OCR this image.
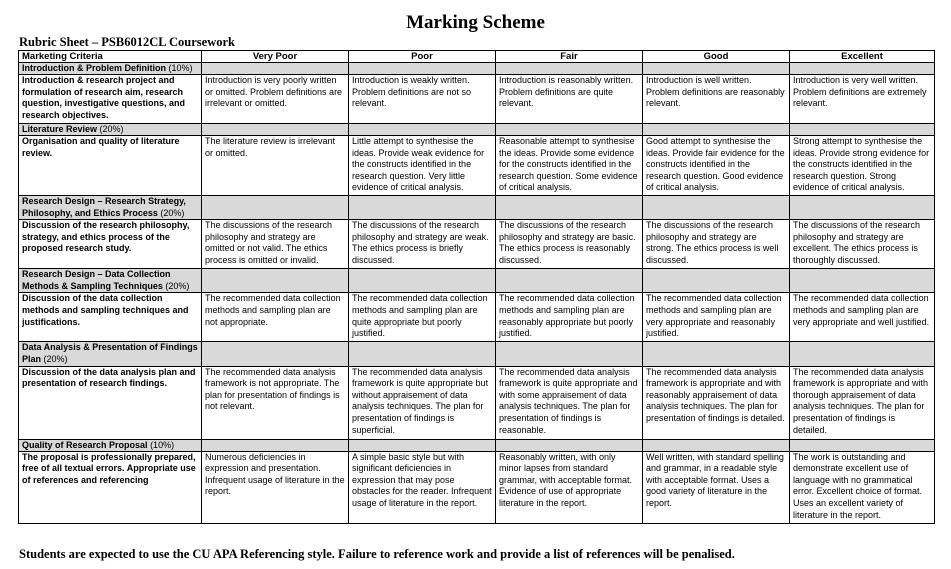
Marking Scheme
Rubric Sheet – PSB6012CL Coursework
Marketing Criteria	Very Poor	Poor	Fair	Good	Excellent
Introduction & Problem Definition (10%)					
Introduction & research project and formulation of research aim, research question, investigative questions, and research objectives.	Introduction is very poorly written or omitted. Problem definitions are irrelevant or omitted.	Introduction is weakly written. Problem definitions are not so relevant.	Introduction is reasonably written. Problem definitions are quite relevant.	Introduction is well written. Problem definitions are reasonably relevant.	Introduction is very well written. Problem definitions are extremely relevant.
Literature Review (20%)					
Organisation and quality of literature review.	The literature review is irrelevant or omitted.	Little attempt to synthesise the ideas. Provide weak evidence for the constructs identified in the research question. Very little evidence of critical analysis.	Reasonable attempt to synthesise the ideas. Provide some evidence for the constructs identified in the research question. Some evidence of critical analysis.	Good attempt to synthesise the ideas. Provide fair evidence for the constructs identified in the research question. Good evidence of critical analysis.	Strong attempt to synthesise the ideas. Provide strong evidence for the constructs identified in the research question. Strong evidence of critical analysis.
Research Design – Research Strategy, Philosophy, and Ethics Process (20%)					
Discussion of the research philosophy, strategy, and ethics process of the proposed research study.	The discussions of the research philosophy and strategy are omitted or not valid. The ethics process is omitted or invalid.	The discussions of the research philosophy and strategy are weak. The ethics process is briefly discussed.	The discussions of the research philosophy and strategy are basic. The ethics process is reasonably discussed.	The discussions of the research philosophy and strategy are strong. The ethics process is well discussed.	The discussions of the research philosophy and strategy are excellent. The ethics process is thoroughly discussed.
Research Design – Data Collection Methods & Sampling Techniques (20%)					
Discussion of the data collection methods and sampling techniques and justifications.	The recommended data collection methods and sampling plan are not appropriate.	The recommended data collection methods and sampling plan are quite appropriate but poorly justified.	The recommended data collection methods and sampling plan are reasonably appropriate but poorly justified.	The recommended data collection methods and sampling plan are very appropriate and reasonably justified.	The recommended data collection methods and sampling plan are very appropriate and well justified.
Data Analysis & Presentation of Findings Plan (20%)					
Discussion of the data analysis plan and presentation of research findings.	The recommended data analysis framework is not appropriate. The plan for presentation of findings is not relevant.	The recommended data analysis framework is quite appropriate but without appraisement of data analysis techniques. The plan for presentation of findings is superficial.	The recommended data analysis framework is quite appropriate and with some appraisement of data analysis techniques. The plan for presentation of findings is reasonable.	The recommended data analysis framework is appropriate and with reasonably appraisement of data analysis techniques. The plan for presentation of findings is detailed.	The recommended data analysis framework is appropriate and with thorough appraisement of data analysis techniques. The plan for presentation of findings is detailed.
Quality of Research Proposal (10%)					
The proposal is professionally prepared, free of all textual errors. Appropriate use of references and referencing	Numerous deficiencies in expression and presentation. Infrequent usage of literature in the report.	A simple basic style but with significant deficiencies in expression that may pose obstacles for the reader. Infrequent usage of literature in the report.	Reasonably written, with only minor lapses from standard grammar, with acceptable format. Evidence of use of appropriate literature in the report.	Well written, with standard spelling and grammar, in a readable style with acceptable format. Uses a good variety of literature in the report.	The work is outstanding and demonstrate excellent use of language with no grammatical error. Excellent choice of format. Uses an excellent variety of literature in the report.
Students are expected to use the CU APA Referencing style. Failure to reference work and provide a list of references will be penalised.
